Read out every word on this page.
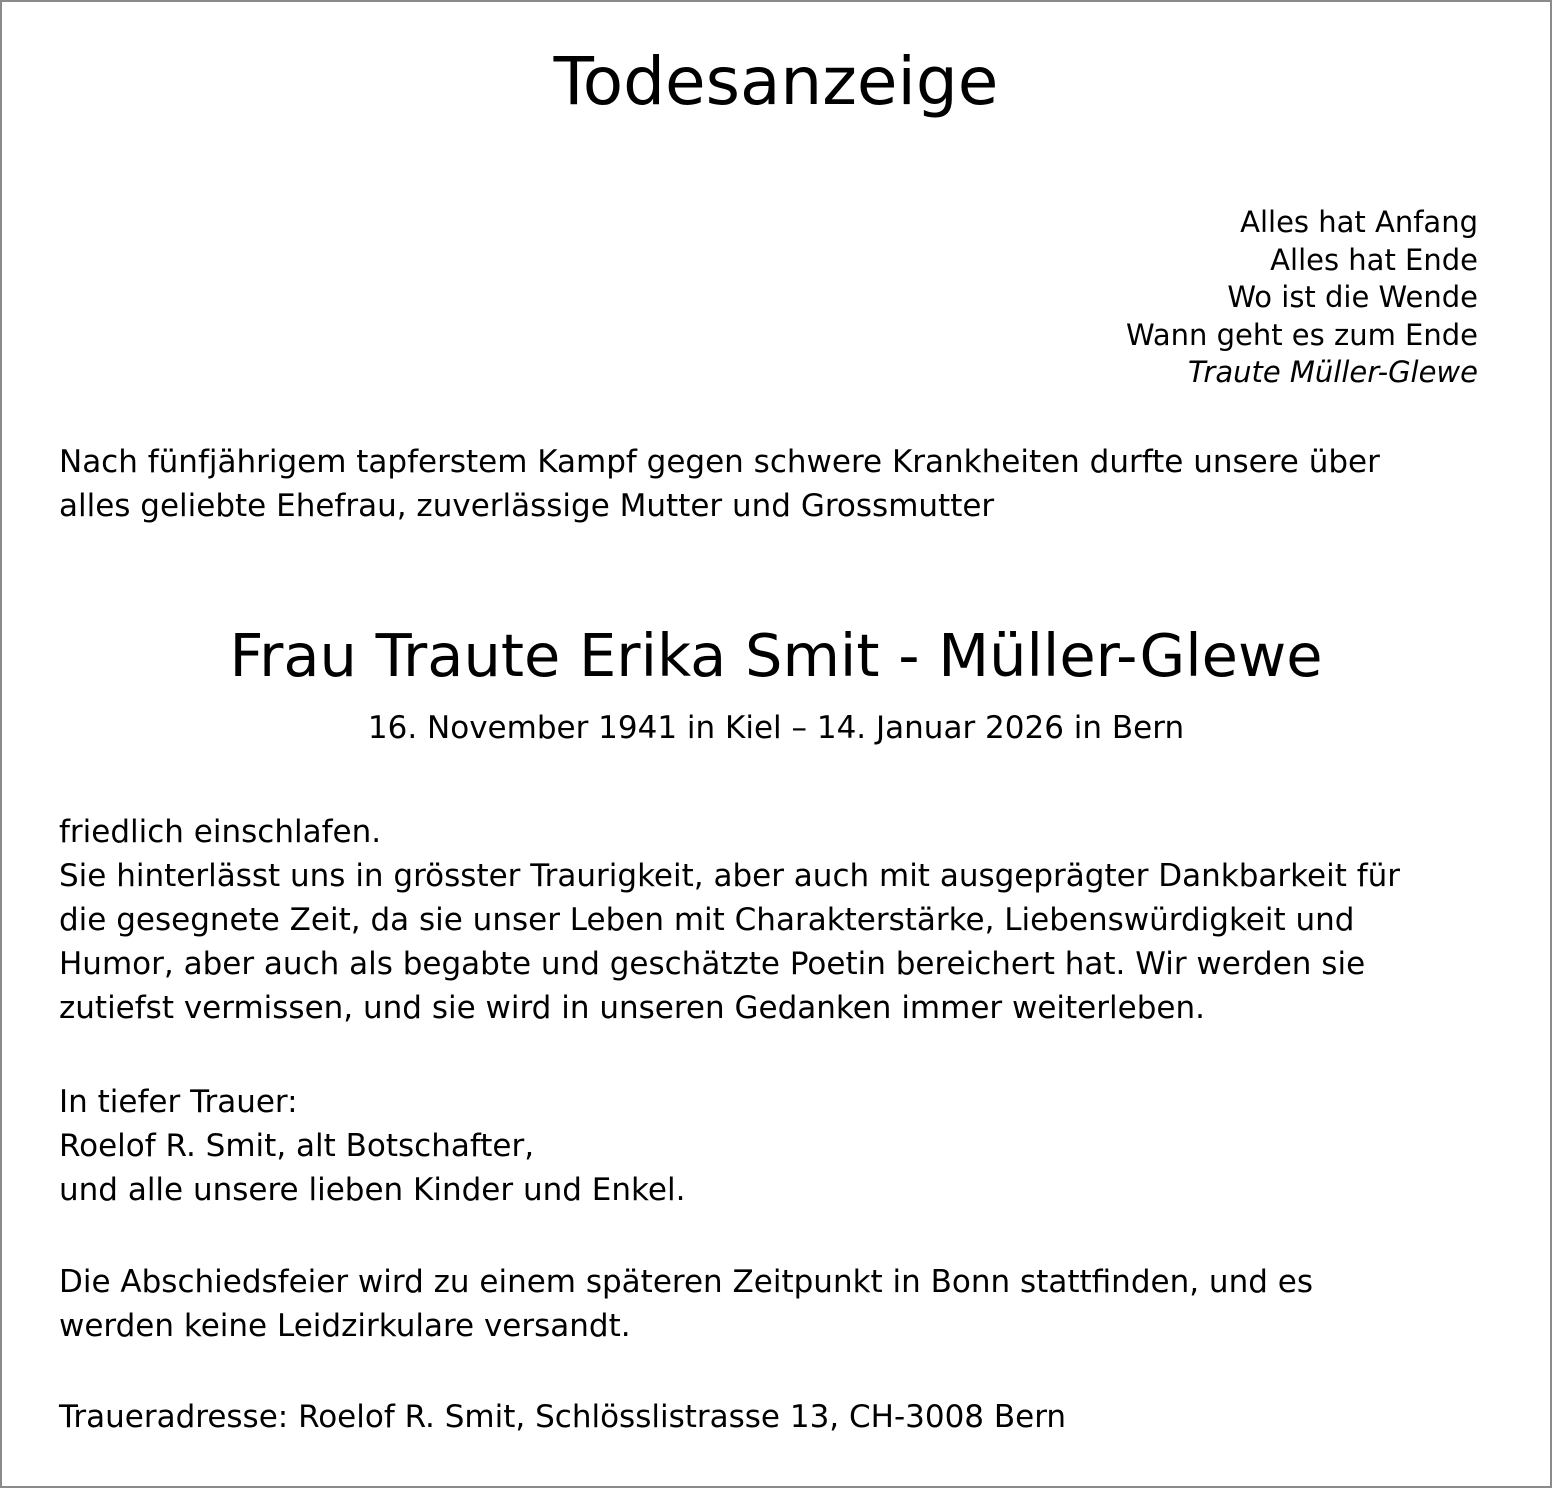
Todesanzeige
Alles hat Anfang
Alles hat Ende
Wo ist die Wende
Wann geht es zum Ende
Traute Müller-Glewe
Nach fünfjährigem tapferstem Kampf gegen schwere Krankheiten durfte unsere über
alles geliebte Ehefrau, zuverlässige Mutter und Grossmutter
Frau Traute Erika Smit - Müller-Glewe
16. November 1941 in Kiel – 14. Januar 2026 in Bern
friedlich einschlafen.
Sie hinterlässt uns in grösster Traurigkeit, aber auch mit ausgeprägter Dankbarkeit für
die gesegnete Zeit, da sie unser Leben mit Charakterstärke, Liebenswürdigkeit und
Humor, aber auch als begabte und geschätzte Poetin bereichert hat. Wir werden sie
zutiefst vermissen, und sie wird in unseren Gedanken immer weiterleben.
In tiefer Trauer:
Roelof R. Smit, alt Botschafter,
und alle unsere lieben Kinder und Enkel.
Die Abschiedsfeier wird zu einem späteren Zeitpunkt in Bonn stattfinden, und es
werden keine Leidzirkulare versandt.
Traueradresse: Roelof R. Smit, Schlösslistrasse 13, CH-3008 Bern
